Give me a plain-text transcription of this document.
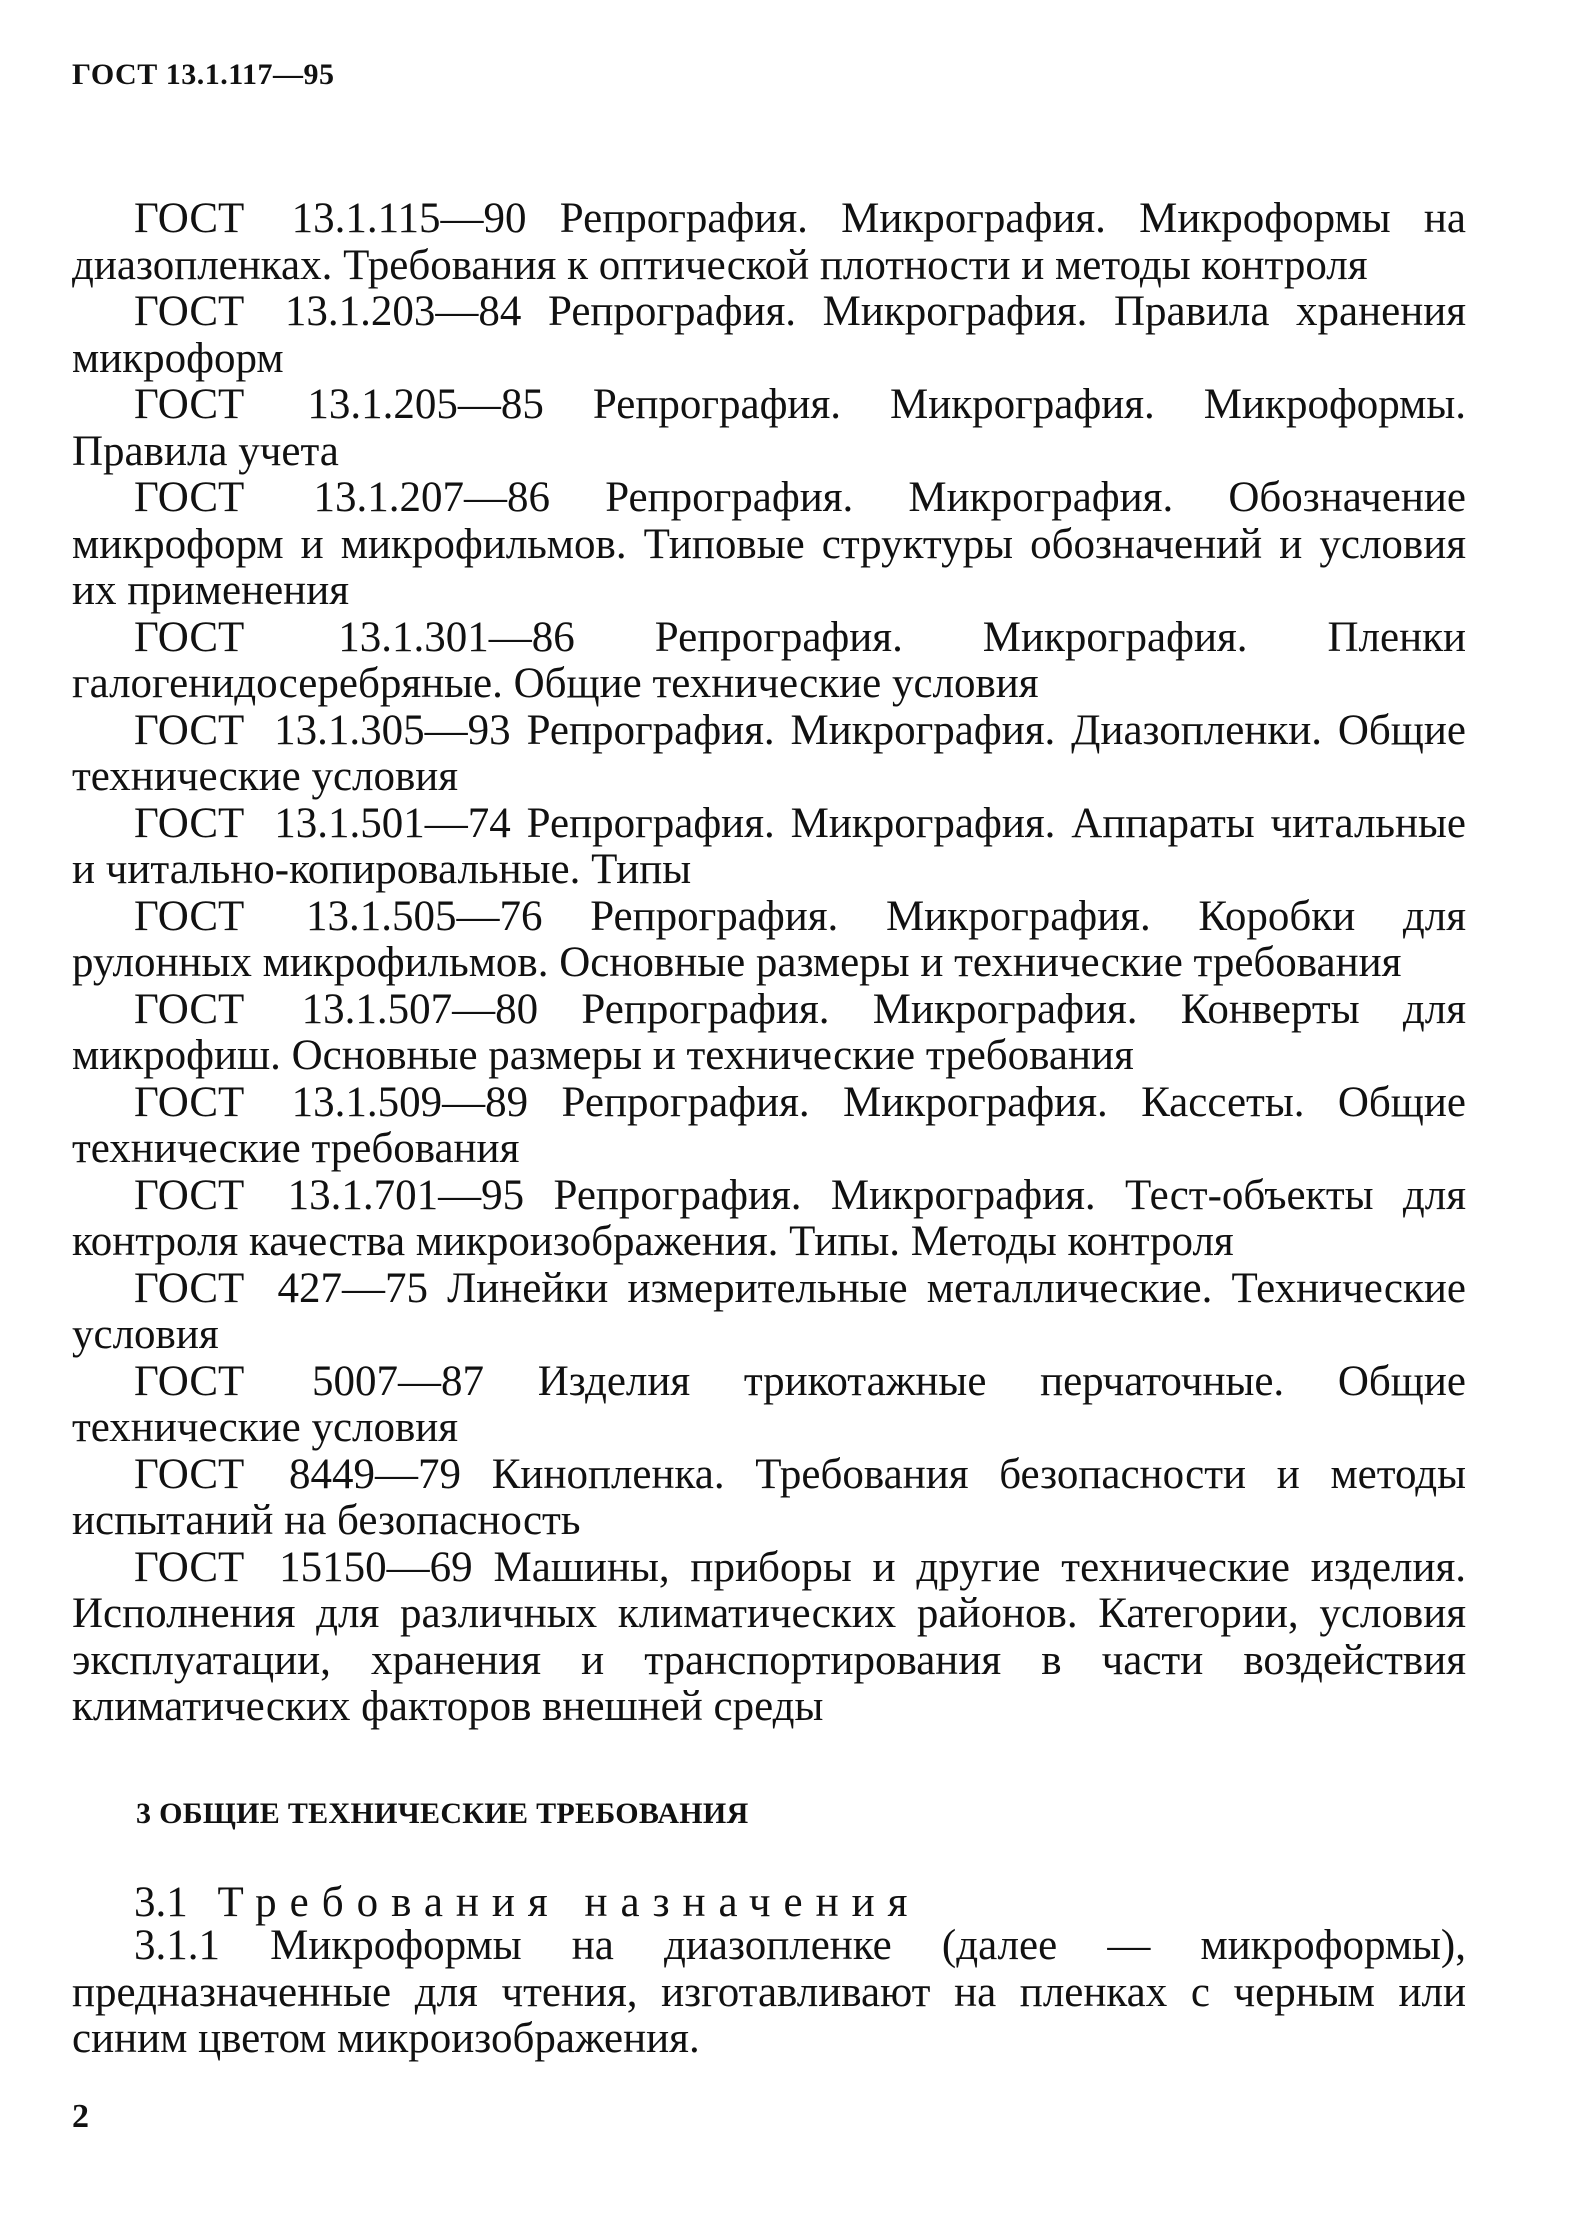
ГОСТ 13.1.117—95

ГОСТ 13.1.115—90 Репрография. Микрография. Микроформы на диазопленках. Требования к оптической плотности и методы контроля

ГОСТ 13.1.203—84 Репрография. Микрография. Правила хранения микроформ

ГОСТ 13.1.205—85 Репрография. Микрография. Микроформы. Правила учета

ГОСТ 13.1.207—86 Репрография. Микрография. Обозначение микроформ и микрофильмов. Типовые структуры обозначений и условия их применения

ГОСТ 13.1.301—86 Репрография. Микрография. Пленки галогенидосеребряные. Общие технические условия

ГОСТ 13.1.305—93 Репрография. Микрография. Диазопленки. Общие технические условия

ГОСТ 13.1.501—74 Репрография. Микрография. Аппараты читальные и читально-копировальные. Типы

ГОСТ 13.1.505—76 Репрография. Микрография. Коробки для рулонных микрофильмов. Основные размеры и технические требования

ГОСТ 13.1.507—80 Репрография. Микрография. Конверты для микрофиш. Основные размеры и технические требования

ГОСТ 13.1.509—89 Репрография. Микрография. Кассеты. Общие технические требования

ГОСТ 13.1.701—95 Репрография. Микрография. Тест-объекты для контроля качества микроизображения. Типы. Методы контроля

ГОСТ 427—75 Линейки измерительные металлические. Технические условия

ГОСТ 5007—87 Изделия трикотажные перчаточные. Общие технические условия

ГОСТ 8449—79 Кинопленка. Требования безопасности и методы испытаний на безопасность

ГОСТ 15150—69 Машины, приборы и другие технические изделия. Исполнения для различных климатических районов. Категории, условия эксплуатации, хранения и транспортирования в части воздействия климатических факторов внешней среды

3 ОБЩИЕ ТЕХНИЧЕСКИЕ ТРЕБОВАНИЯ
3.1 Требования назначения

3.1.1 Микроформы на диазопленке (далее — микроформы), предназначенные для чтения, изготавливают на пленках с черным или синим цветом микроизображения.

2
